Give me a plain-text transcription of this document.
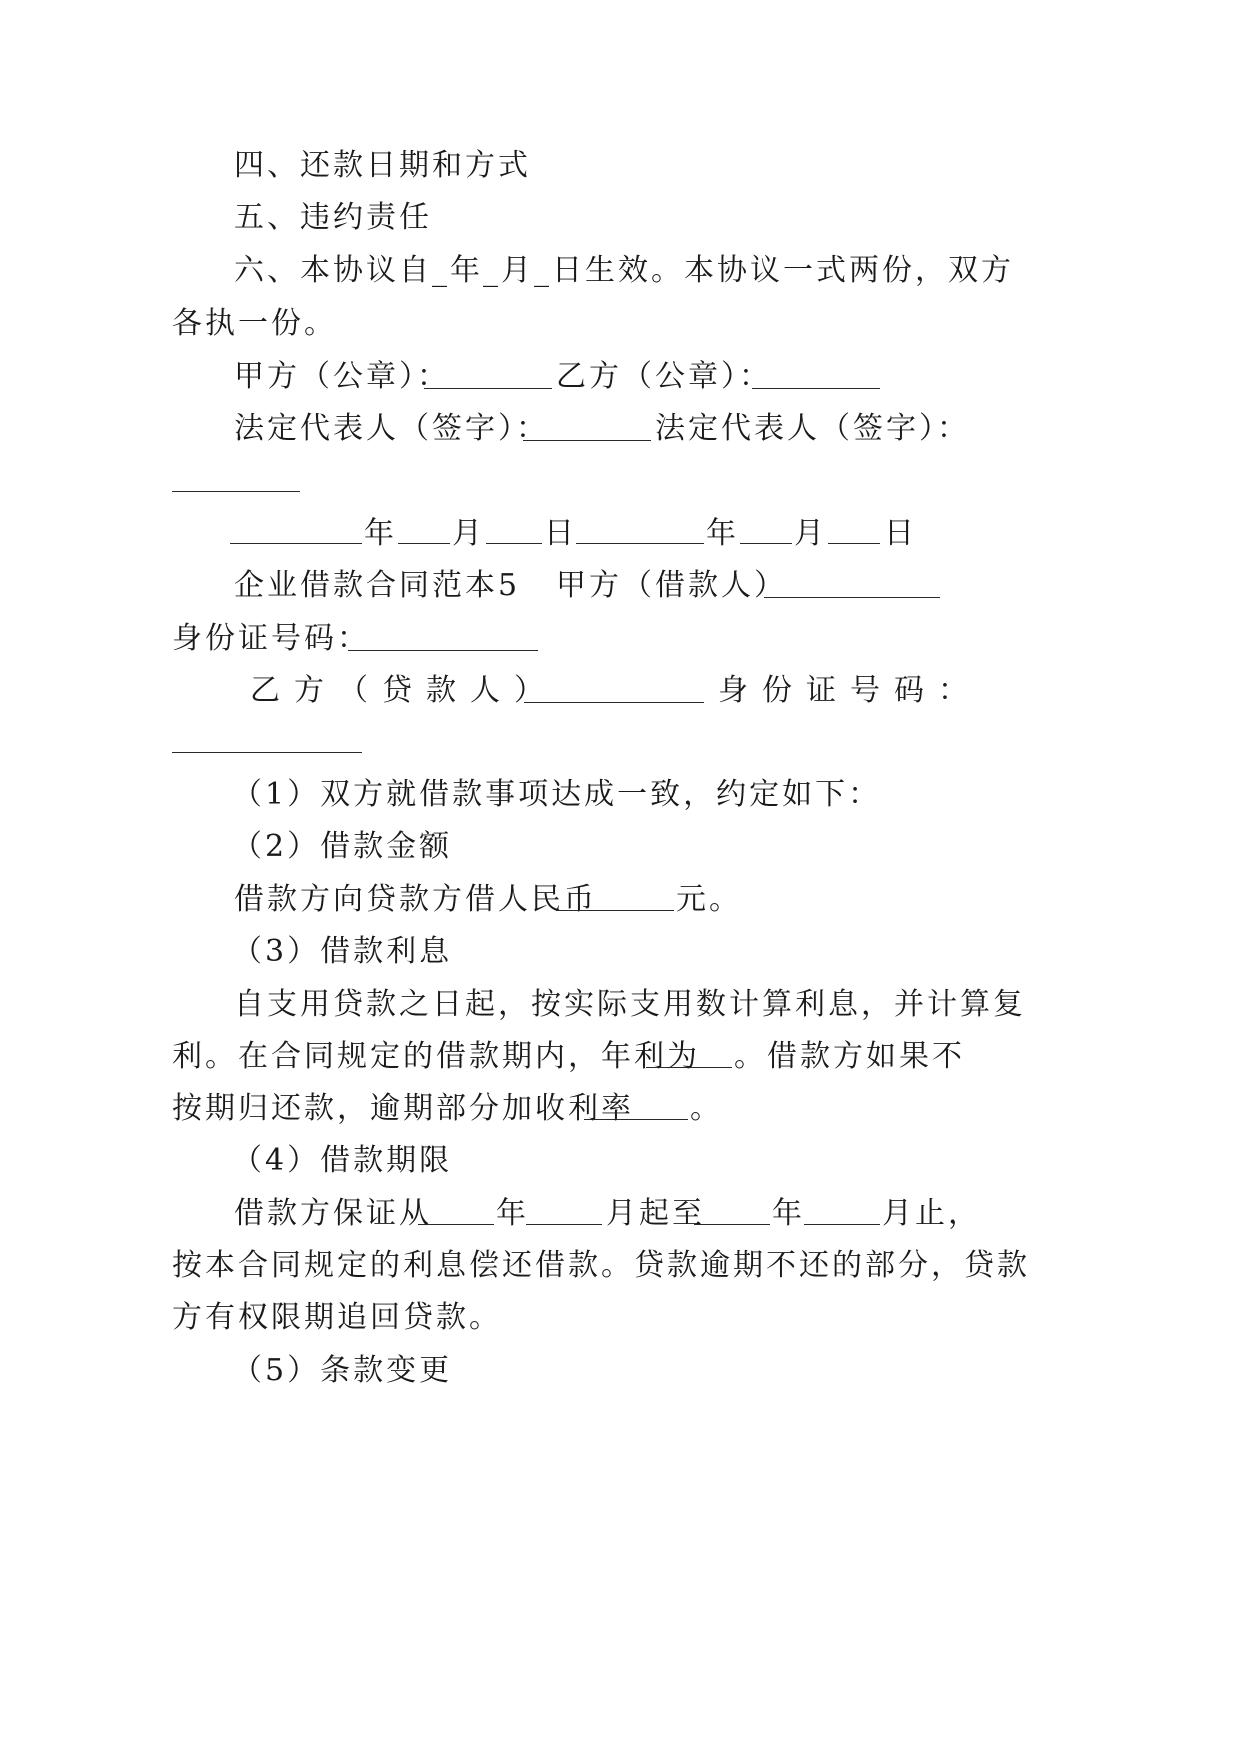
四、还款日期和方式
五、违约责任
六、本协议自_年_月_日生效。本协议一式两份，双方
各执一份。
甲方（公章）：	乙方（公章）：
法定代表人（签字）：	法定代表人（签字）：
年 月 日	年 月 日
企业借款合同范本5 甲方（借款人）
身份证号码：
乙方（贷款人）	身份证号码：
（1）双方就借款事项达成一致，约定如下：
（2）借款金额
借款方向贷款方借人民币	元。
（3）借款利息
自支用贷款之日起，按实际支用数计算利息，并计算复
利。在合同规定的借款期内，年利为 。借款方如果不
按期归还款，逾期部分加收利率 。
（4）借款期限
借款方保证从 年	月起至 年	月止，
按本合同规定的利息偿还借款。贷款逾期不还的部分，贷款
方有权限期追回贷款。
（5）条款变更
